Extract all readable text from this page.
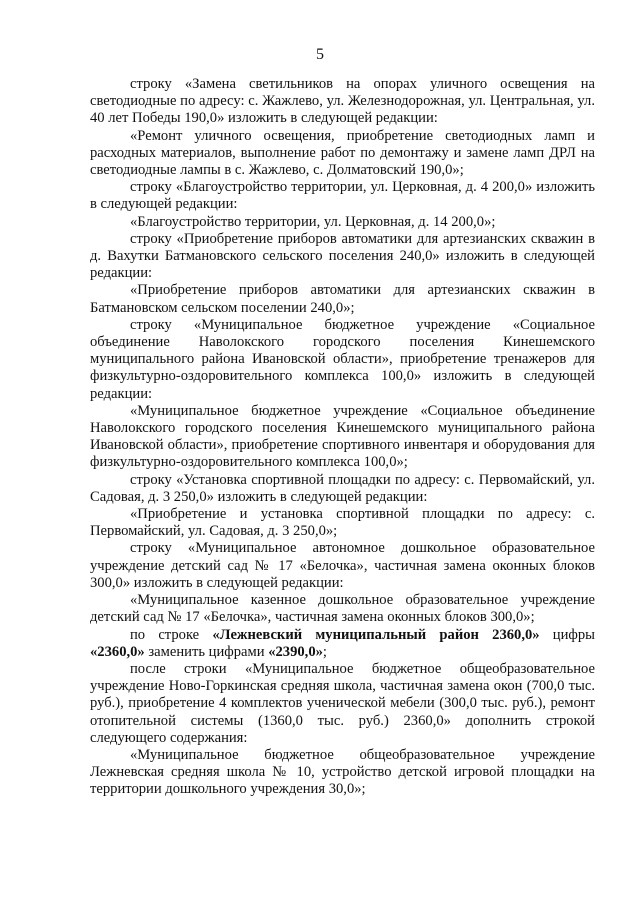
5

строку «Замена светильников на опорах уличного освещения на светодиодные по адресу: с. Жажлево, ул. Железнодорожная, ул. Центральная, ул. 40 лет Победы 190,0» изложить в следующей редакции:

«Ремонт уличного освещения, приобретение светодиодных ламп и расходных материалов, выполнение работ по демонтажу и замене ламп ДРЛ на светодиодные лампы в с. Жажлево, с. Долматовский 190,0»;

строку «Благоустройство территории, ул. Церковная, д. 4 200,0» изложить в следующей редакции:

«Благоустройство территории, ул. Церковная, д. 14 200,0»;

строку «Приобретение приборов автоматики для артезианских скважин в д. Вахутки Батмановского сельского поселения 240,0» изложить в следующей редакции:

«Приобретение приборов автоматики для артезианских скважин в Батмановском сельском поселении 240,0»;

строку «Муниципальное бюджетное учреждение «Социальное объединение Наволокского городского поселения Кинешемского муниципального района Ивановской области», приобретение тренажеров для физкультурно-оздоровительного комплекса 100,0» изложить в следующей редакции:

«Муниципальное бюджетное учреждение «Социальное объединение Наволокского городского поселения Кинешемского муниципального района Ивановской области», приобретение спортивного инвентаря и оборудования для физкультурно-оздоровительного комплекса 100,0»;

строку «Установка спортивной площадки по адресу: с. Первомайский, ул. Садовая, д. 3 250,0» изложить в следующей редакции:

«Приобретение и установка спортивной площадки по адресу: с. Первомайский, ул. Садовая, д. 3 250,0»;

строку «Муниципальное автономное дошкольное образовательное учреждение детский сад № 17 «Белочка», частичная замена оконных блоков 300,0» изложить в следующей редакции:

«Муниципальное казенное дошкольное образовательное учреждение детский сад № 17 «Белочка», частичная замена оконных блоков 300,0»;

по строке «Лежневский муниципальный район 2360,0» цифры «2360,0» заменить цифрами «2390,0»;

после строки «Муниципальное бюджетное общеобразовательное учреждение Ново-Горкинская средняя школа, частичная замена окон (700,0 тыс. руб.), приобретение 4 комплектов ученической мебели (300,0 тыс. руб.), ремонт отопительной системы (1360,0 тыс. руб.) 2360,0» дополнить строкой следующего содержания:

«Муниципальное бюджетное общеобразовательное учреждение Лежневская средняя школа № 10, устройство детской игровой площадки на территории дошкольного учреждения 30,0»;
